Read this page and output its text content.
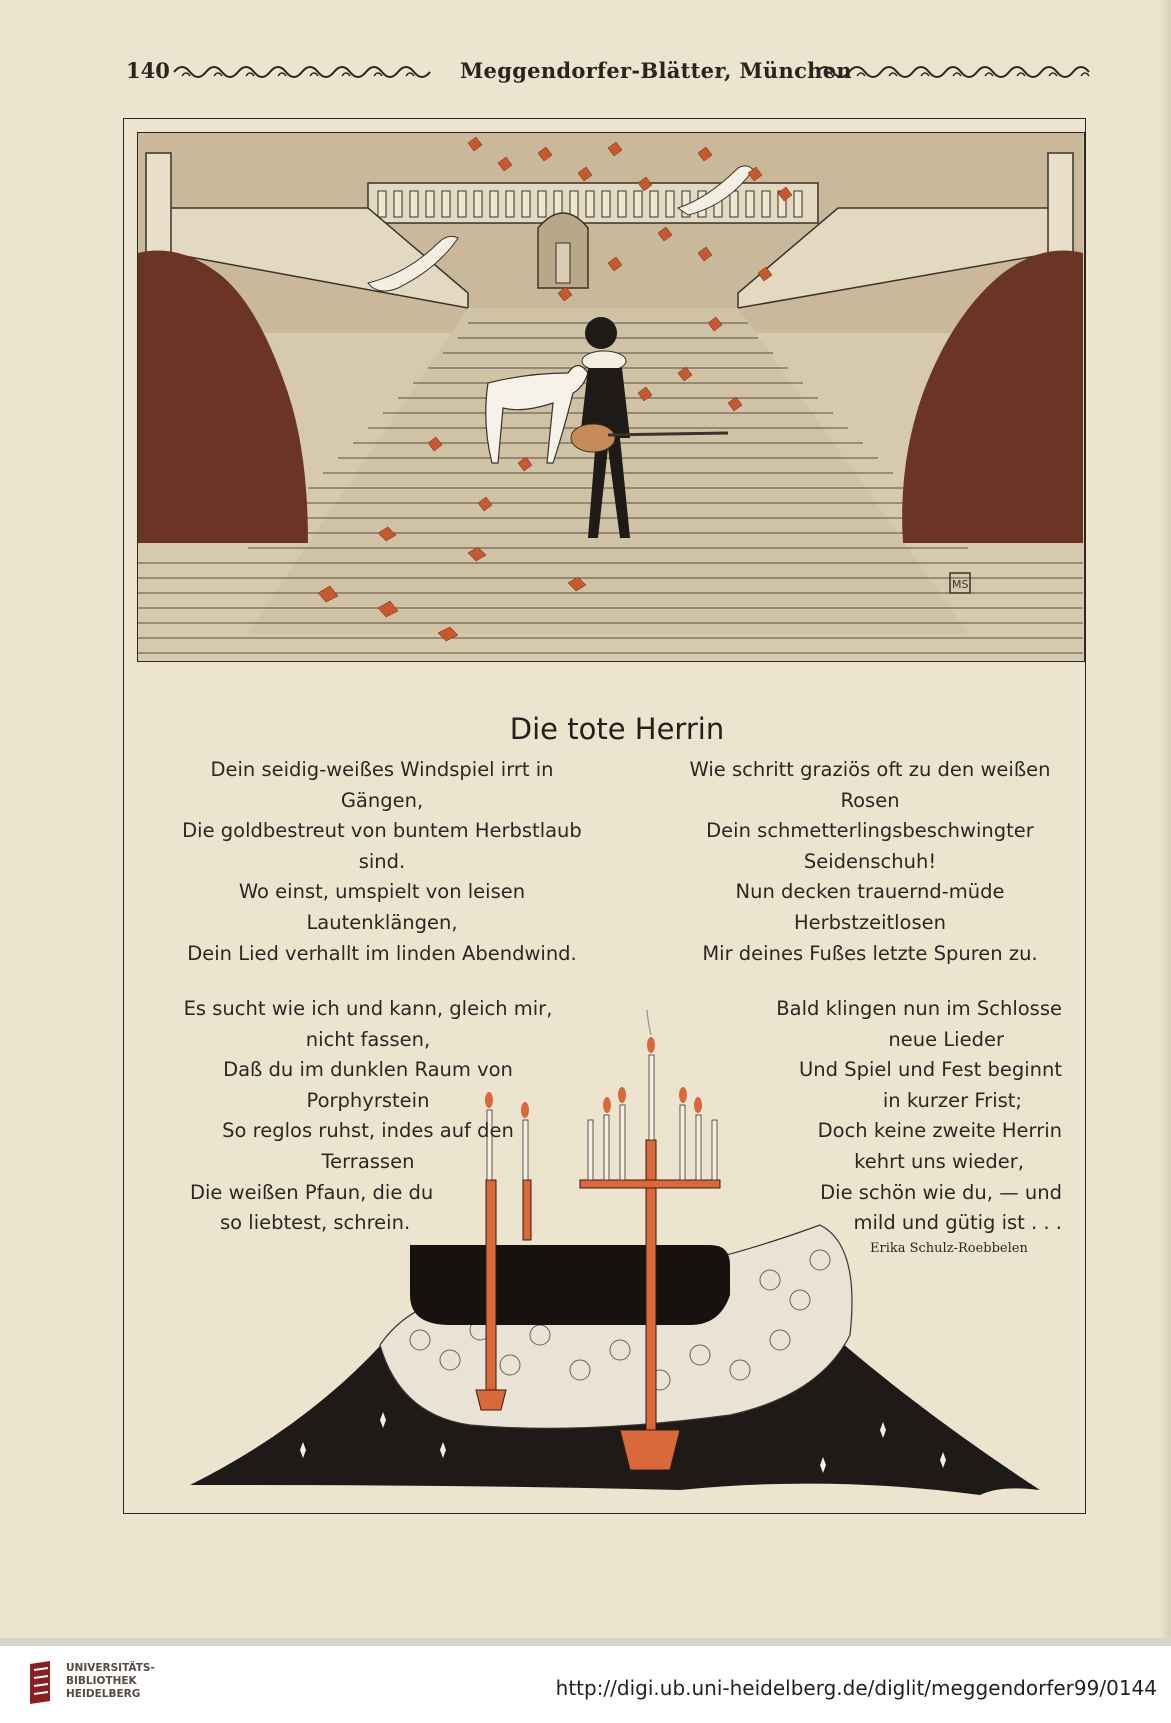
140	Meggendorfer-Blätter, München
MS
Die tote Herrin
Dein seidig-weißes Windspiel irrt in
Gängen,
Die goldbestreut von buntem Herbstlaub
sind.
Wo einst, umspielt von leisen
Lautenklängen,
Dein Lied verhallt im linden Abendwind.
Wie schritt graziös oft zu den weißen
Rosen
Dein schmetterlingsbeschwingter
Seidenschuh!
Nun decken trauernd-müde
Herbstzeitlosen
Mir deines Fußes letzte Spuren zu.
Es sucht wie ich und kann, gleich mir,
nicht fassen,
Daß du im dunklen Raum von
Porphyrstein
So reglos ruhst, indes auf den
Terrassen
Die weißen Pfaun, die du
so liebtest, schrein.
Bald klingen nun im Schlosse
neue Lieder
Und Spiel und Fest beginnt
in kurzer Frist;
Doch keine zweite Herrin
kehrt uns wieder,
Die schön wie du, — und
mild und gütig ist . . .
Erika Schulz-Roebbelen
UNIVERSITÄTS-
BIBLIOTHEK
HEIDELBERG	http://digi.ub.uni-heidelberg.de/diglit/meggendorfer99/0144
